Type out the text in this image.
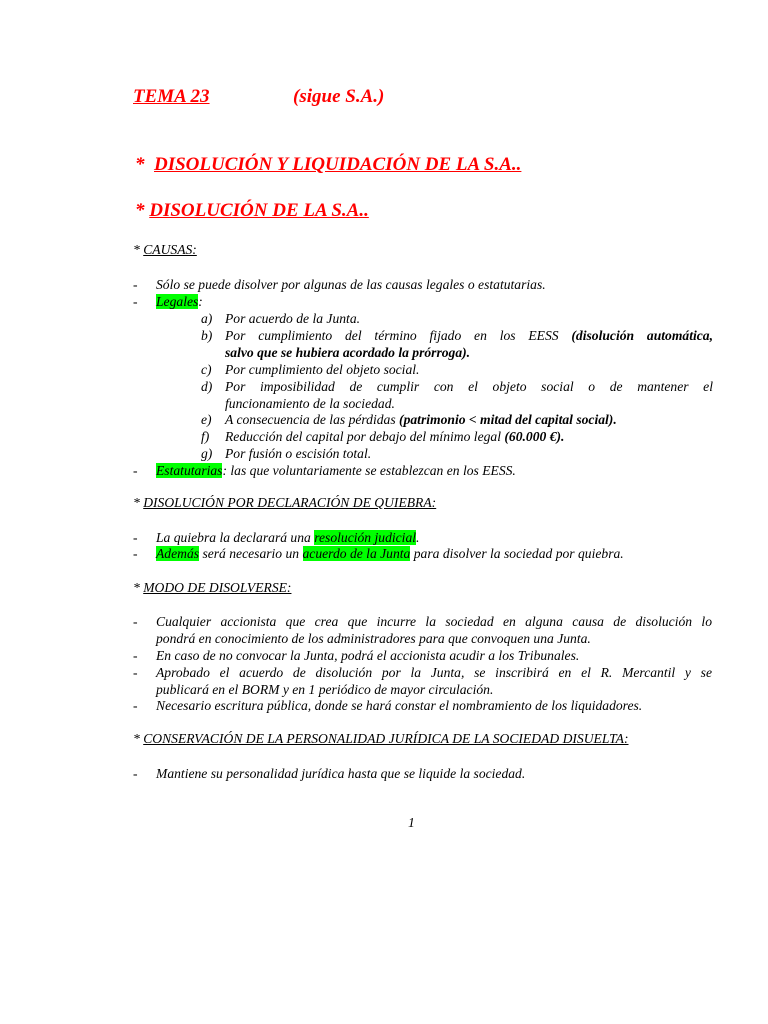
TEMA 23	(sigue S.A.)
* DISOLUCIÓN Y LIQUIDACIÓN DE LA S.A..
* DISOLUCIÓN DE LA S.A..
* CAUSAS:
- Sólo se puede disolver por algunas de las causas legales o estatutarias.
- Legales:
a) Por acuerdo de la Junta.
b) Por cumplimiento del término fijado en los EESS (disolución automática,
salvo que se hubiera acordado la prórroga).
c) Por cumplimiento del objeto social.
d) Por imposibilidad de cumplir con el objeto social o de mantener el
funcionamiento de la sociedad.
e) A consecuencia de las pérdidas (patrimonio < mitad del capital social).
f) Reducción del capital por debajo del mínimo legal (60.000 €).
g) Por fusión o escisión total.
- Estatutarias: las que voluntariamente se establezcan en los EESS.
* DISOLUCIÓN POR DECLARACIÓN DE QUIEBRA:
- La quiebra la declarará una resolución judicial.
- Además será necesario un acuerdo de la Junta para disolver la sociedad por quiebra.
* MODO DE DISOLVERSE:
- Cualquier accionista que crea que incurre la sociedad en alguna causa de disolución lo
pondrá en conocimiento de los administradores para que convoquen una Junta.
- En caso de no convocar la Junta, podrá el accionista acudir a los Tribunales.
- Aprobado el acuerdo de disolución por la Junta, se inscribirá en el R. Mercantil y se
publicará en el BORM y en 1 periódico de mayor circulación.
- Necesario escritura pública, donde se hará constar el nombramiento de los liquidadores.
* CONSERVACIÓN DE LA PERSONALIDAD JURÍDICA DE LA SOCIEDAD DISUELTA:
- Mantiene su personalidad jurídica hasta que se liquide la sociedad.
1
